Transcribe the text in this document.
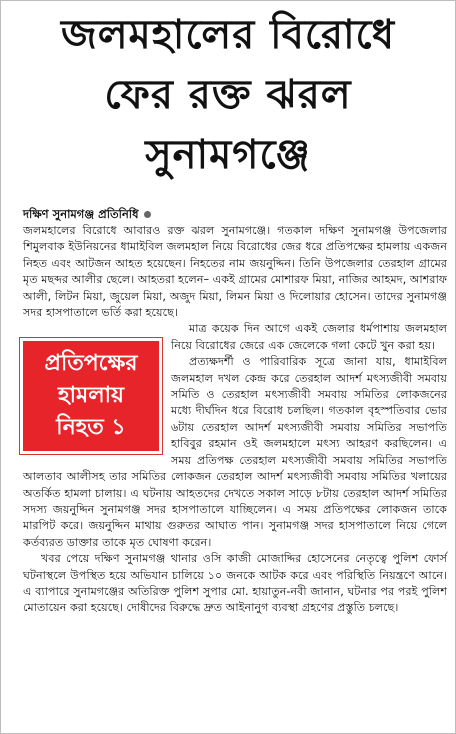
জলমহালের বিরোধে
ফের রক্ত ঝরল
সুনামগঞ্জে
দক্ষিণ সুনামগঞ্জ প্রতিনিধি

জলমহালের বিরোধে আবারও রক্ত ঝরল সুনামগঞ্জে। গতকাল দক্ষিণ সুনামগঞ্জ উপজেলার শিমুলবাক ইউনিয়নের ধামাইবিল জলমহাল নিয়ে বিরোধের জের ধরে প্রতিপক্ষের হামলায় একজন নিহত এবং আটজন আহত হয়েছেন। নিহতের নাম জয়নুদ্দিন। তিনি উপজেলার তেরহাল গ্রামের মৃত মছব্দর আলীর ছেলে। আহতরা হলেন– একই গ্রামের মোশারফ মিয়া, নাজির আহমদ, আশরাফ আলী, লিটন মিয়া, জুয়েল মিয়া, অজুদ মিয়া, লিমন মিয়া ও দিলোয়ার হোসেন। তাদের সুনামগঞ্জ সদর হাসপাতালে ভর্তি করা হয়েছে।

প্রতিপক্ষের
হামলায়
নিহত ১

মাত্র কয়েক দিন আগে একই জেলার ধর্মপাশায় জলমহাল নিয়ে বিরোধের জেরে এক জেলেকে গলা কেটে খুন করা হয়।

প্রত্যক্ষদর্শী ও পারিবারিক সূত্রে জানা যায়, ধামাইবিল জলমহাল দখল কেন্দ্র করে তেরহাল আদর্শ মৎস্যজীবী সমবায় সমিতি ও তেরহাল মৎস্যজীবী সমবায় সমিতির লোকজনের মধ্যে দীর্ঘদিন ধরে বিরোধ চলছিল। গতকাল বৃহস্পতিবার ভোর ৬টায় তেরহাল আদর্শ মৎস্যজীবী সমবায় সমিতির সভাপতি হাবিবুর রহমান ওই জলমহালে মৎস্য আহরণ করছিলেন। এ সময় প্রতিপক্ষ তেরহাল মৎস্যজীবী সমবায় সমিতির সভাপতি আলতাব আলীসহ তার সমিতির লোকজন তেরহাল আদর্শ মৎস্যজীবী সমবায় সমিতির খলায়ের অতর্কিত হামলা চালায়। এ ঘটনায় আহতদের দেখতে সকাল সাড়ে ৮টায় তেরহাল আদর্শ সমিতির সদস্য জয়নুদ্দিন সুনামগঞ্জ সদর হাসপাতালে যাচ্ছিলেন। এ সময় প্রতিপক্ষের লোকজন তাকে মারপিট করে। জয়নুদ্দিন মাথায় গুরুতর আঘাত পান। সুনামগঞ্জ সদর হাসপাতালে নিয়ে গেলে কর্তব্যরত ডাক্তার তাকে মৃত ঘোষণা করেন।

খবর পেয়ে দক্ষিণ সুনামগঞ্জ থানার ওসি কাজী মোজাদ্দির হোসেনের নেতৃত্বে পুলিশ ফোর্স ঘটনাস্থলে উপস্থিত হয়ে অভিযান চালিয়ে ১০ জনকে আটক করে এবং পরিস্থিতি নিয়ন্ত্রণে আনে। এ ব্যাপারে সুনামগঞ্জের অতিরিক্ত পুলিশ সুপার মো. হায়াতুন-নবী জানান, ঘটনার পর পরই পুলিশ মোতায়েন করা হয়েছে। দোষীদের বিরুদ্ধে দ্রুত আইনানুগ ব্যবস্থা গ্রহণের প্রস্তুতি চলছে।
